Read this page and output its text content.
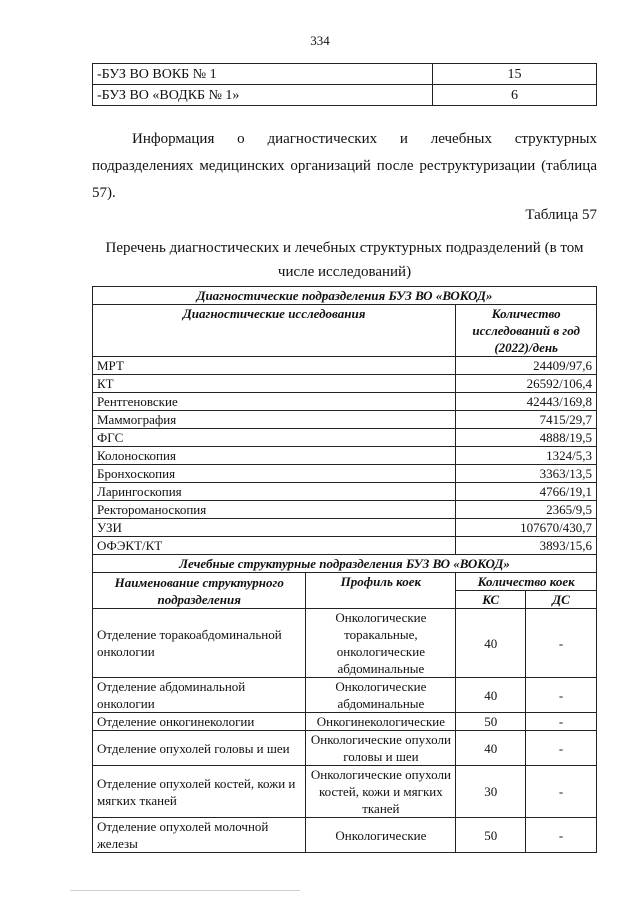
334
-БУЗ ВО ВОКБ № 1	15
-БУЗ ВО «ВОДКБ № 1»	6

Информация о диагностических и лечебных структурных подразделениях медицинских организаций после реструктуризации (таблица 57).

Таблица 57

Перечень диагностических и лечебных структурных подразделений (в том числе исследований)

Диагностические подразделения БУЗ ВО «ВОКОД»			
Диагностические исследования		Количество исследований в год (2022)/день	
МРТ		24409/97,6	
КТ		26592/106,4	
Рентгеновские		42443/169,8	
Маммография		7415/29,7	
ФГС		4888/19,5	
Колоноскопия		1324/5,3	
Бронхоскопия		3363/13,5	
Ларингоскопия		4766/19,1	
Ректороманоскопия		2365/9,5	
УЗИ		107670/430,7	
ОФЭКТ/КТ		3893/15,6	
Лечебные структурные подразделения БУЗ ВО «ВОКОД»			
Наименование структурного подразделения	Профиль коек	Количество коек	
		КС	ДС
Отделение торакоабдоминальной онкологии	Онкологические торакальные, онкологические абдоминальные	40	-
Отделение абдоминальной онкологии	Онкологические абдоминальные	40	-
Отделение онкогинекологии	Онкогинекологические	50	-
Отделение опухолей головы и шеи	Онкологические опухоли головы и шеи	40	-
Отделение опухолей костей, кожи и мягких тканей	Онкологические опухоли костей, кожи и мягких тканей	30	-
Отделение опухолей молочной железы	Онкологические	50	-
